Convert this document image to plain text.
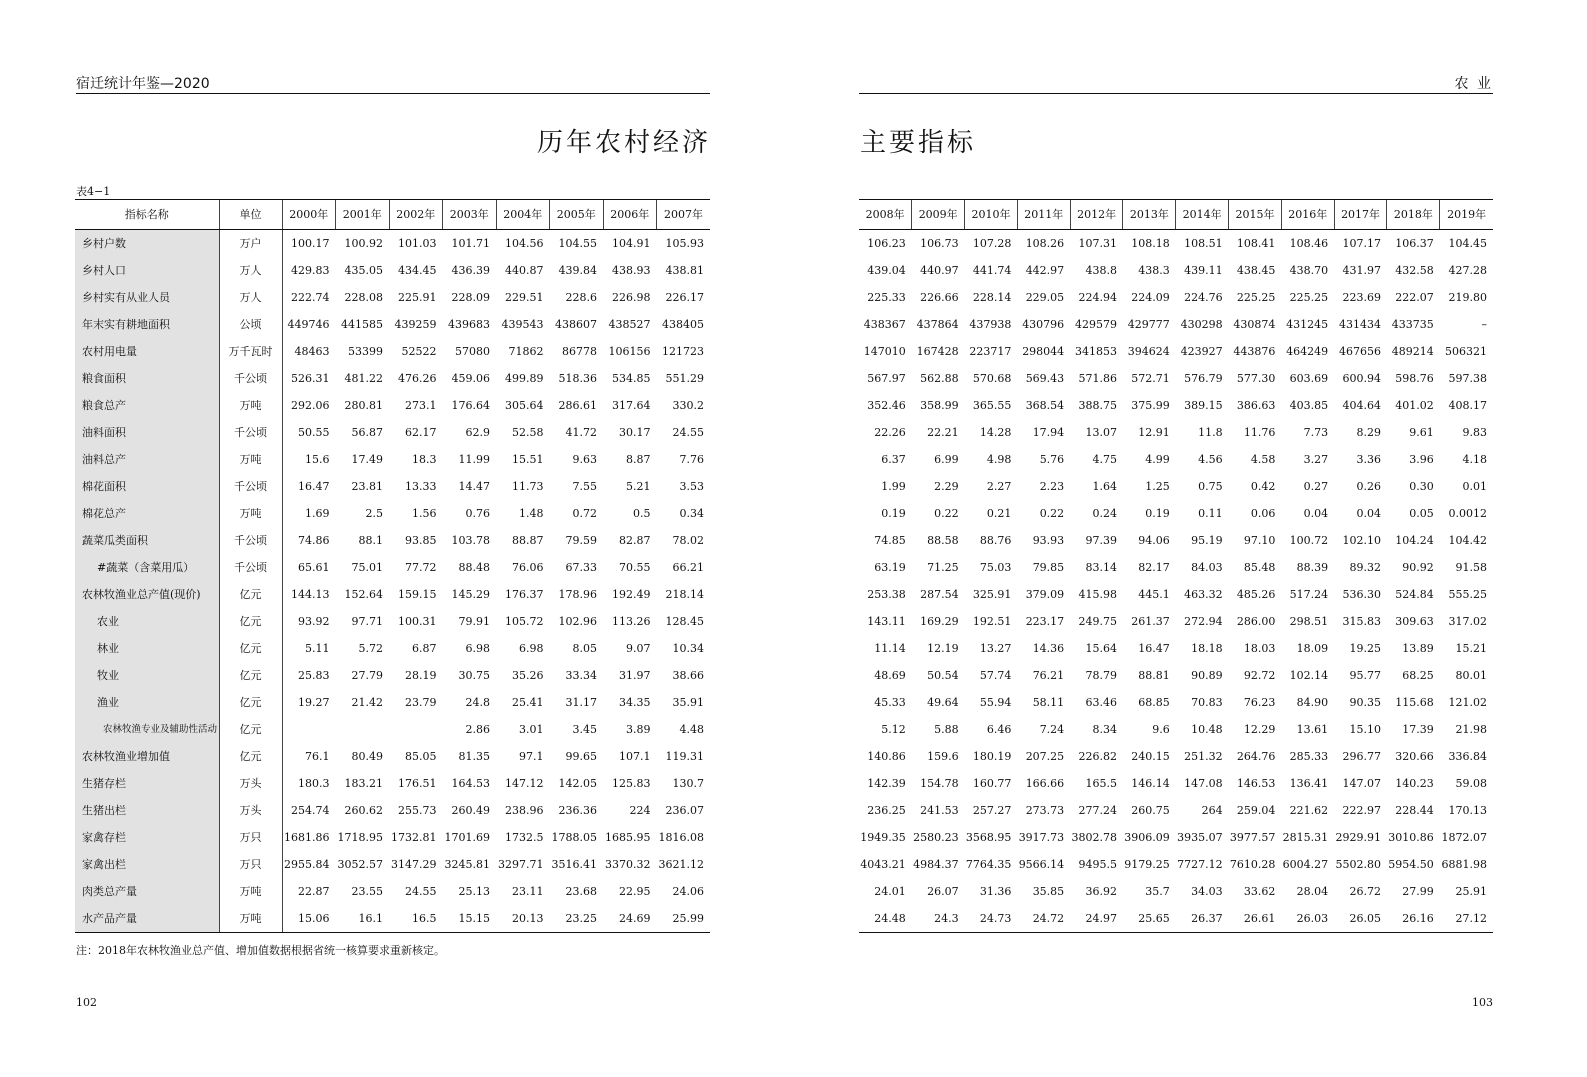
宿迁统计年鉴—2020
历年农村经济
表4−1
指标名称	单位	2000年	2001年	2002年	2003年	2004年	2005年	2006年	2007年
乡村户数	万户	100.17	100.92	101.03	101.71	104.56	104.55	104.91	105.93
乡村人口	万人	429.83	435.05	434.45	436.39	440.87	439.84	438.93	438.81
乡村实有从业人员	万人	222.74	228.08	225.91	228.09	229.51	228.6	226.98	226.17
年末实有耕地面积	公顷	449746	441585	439259	439683	439543	438607	438527	438405
农村用电量	万千瓦时	48463	53399	52522	57080	71862	86778	106156	121723
粮食面积	千公顷	526.31	481.22	476.26	459.06	499.89	518.36	534.85	551.29
粮食总产	万吨	292.06	280.81	273.1	176.64	305.64	286.61	317.64	330.2
油料面积	千公顷	50.55	56.87	62.17	62.9	52.58	41.72	30.17	24.55
油料总产	万吨	15.6	17.49	18.3	11.99	15.51	9.63	8.87	7.76
棉花面积	千公顷	16.47	23.81	13.33	14.47	11.73	7.55	5.21	3.53
棉花总产	万吨	1.69	2.5	1.56	0.76	1.48	0.72	0.5	0.34
蔬菜瓜类面积	千公顷	74.86	88.1	93.85	103.78	88.87	79.59	82.87	78.02
#蔬菜（含菜用瓜）	千公顷	65.61	75.01	77.72	88.48	76.06	67.33	70.55	66.21
农林牧渔业总产值(现价)	亿元	144.13	152.64	159.15	145.29	176.37	178.96	192.49	218.14
农业	亿元	93.92	97.71	100.31	79.91	105.72	102.96	113.26	128.45
林业	亿元	5.11	5.72	6.87	6.98	6.98	8.05	9.07	10.34
牧业	亿元	25.83	27.79	28.19	30.75	35.26	33.34	31.97	38.66
渔业	亿元	19.27	21.42	23.79	24.8	25.41	31.17	34.35	35.91
农林牧渔专业及辅助性活动	亿元				2.86	3.01	3.45	3.89	4.48
农林牧渔业增加值	亿元	76.1	80.49	85.05	81.35	97.1	99.65	107.1	119.31
生猪存栏	万头	180.3	183.21	176.51	164.53	147.12	142.05	125.83	130.7
生猪出栏	万头	254.74	260.62	255.73	260.49	238.96	236.36	224	236.07
家禽存栏	万只	1681.86	1718.95	1732.81	1701.69	1732.5	1788.05	1685.95	1816.08
家禽出栏	万只	2955.84	3052.57	3147.29	3245.81	3297.71	3516.41	3370.32	3621.12
肉类总产量	万吨	22.87	23.55	24.55	25.13	23.11	23.68	22.95	24.06
水产品产量	万吨	15.06	16.1	16.5	15.15	20.13	23.25	24.69	25.99
注：2018年农林牧渔业总产值、增加值数据根据省统一核算要求重新核定。
102
农 业
主要指标
2008年	2009年	2010年	2011年	2012年	2013年	2014年	2015年	2016年	2017年	2018年	2019年
106.23	106.73	107.28	108.26	107.31	108.18	108.51	108.41	108.46	107.17	106.37	104.45
439.04	440.97	441.74	442.97	438.8	438.3	439.11	438.45	438.70	431.97	432.58	427.28
225.33	226.66	228.14	229.05	224.94	224.09	224.76	225.25	225.25	223.69	222.07	219.80
438367	437864	437938	430796	429579	429777	430298	430874	431245	431434	433735	–
147010	167428	223717	298044	341853	394624	423927	443876	464249	467656	489214	506321
567.97	562.88	570.68	569.43	571.86	572.71	576.79	577.30	603.69	600.94	598.76	597.38
352.46	358.99	365.55	368.54	388.75	375.99	389.15	386.63	403.85	404.64	401.02	408.17
22.26	22.21	14.28	17.94	13.07	12.91	11.8	11.76	7.73	8.29	9.61	9.83
6.37	6.99	4.98	5.76	4.75	4.99	4.56	4.58	3.27	3.36	3.96	4.18
1.99	2.29	2.27	2.23	1.64	1.25	0.75	0.42	0.27	0.26	0.30	0.01
0.19	0.22	0.21	0.22	0.24	0.19	0.11	0.06	0.04	0.04	0.05	0.0012
74.85	88.58	88.76	93.93	97.39	94.06	95.19	97.10	100.72	102.10	104.24	104.42
63.19	71.25	75.03	79.85	83.14	82.17	84.03	85.48	88.39	89.32	90.92	91.58
253.38	287.54	325.91	379.09	415.98	445.1	463.32	485.26	517.24	536.30	524.84	555.25
143.11	169.29	192.51	223.17	249.75	261.37	272.94	286.00	298.51	315.83	309.63	317.02
11.14	12.19	13.27	14.36	15.64	16.47	18.18	18.03	18.09	19.25	13.89	15.21
48.69	50.54	57.74	76.21	78.79	88.81	90.89	92.72	102.14	95.77	68.25	80.01
45.33	49.64	55.94	58.11	63.46	68.85	70.83	76.23	84.90	90.35	115.68	121.02
5.12	5.88	6.46	7.24	8.34	9.6	10.48	12.29	13.61	15.10	17.39	21.98
140.86	159.6	180.19	207.25	226.82	240.15	251.32	264.76	285.33	296.77	320.66	336.84
142.39	154.78	160.77	166.66	165.5	146.14	147.08	146.53	136.41	147.07	140.23	59.08
236.25	241.53	257.27	273.73	277.24	260.75	264	259.04	221.62	222.97	228.44	170.13
1949.35	2580.23	3568.95	3917.73	3802.78	3906.09	3935.07	3977.57	2815.31	2929.91	3010.86	1872.07
4043.21	4984.37	7764.35	9566.14	9495.5	9179.25	7727.12	7610.28	6004.27	5502.80	5954.50	6881.98
24.01	26.07	31.36	35.85	36.92	35.7	34.03	33.62	28.04	26.72	27.99	25.91
24.48	24.3	24.73	24.72	24.97	25.65	26.37	26.61	26.03	26.05	26.16	27.12
103
